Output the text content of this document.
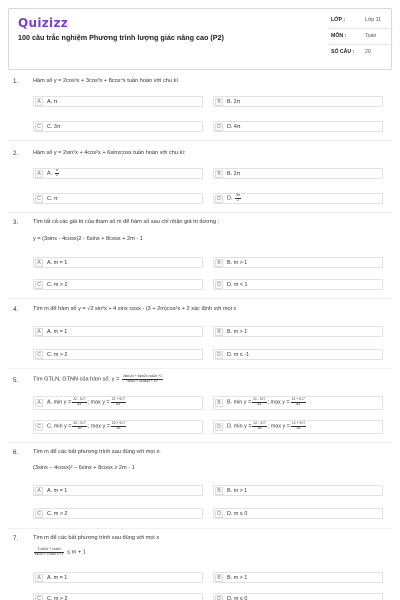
Quizizz
100 câu trắc nghiệm Phương trình lượng giác nâng cao (P2)
LỚP :	Lớp 11
MÔN :	Toán
SỐ CÂU : 20
1.	Hàm số y = 2cos²x + 3cos³x + 8cos⁴x tuần hoàn với chu kì
A	A. π	B	B. 2π
C	C. 3π	D	D. 4π
2.	Hàm số y = 2sin²x + 4cos²x + 6sinxcosx tuần hoàn với chu kì:
A	A. $\frac{\pi}{2}$	B	B. 2π
C	C. π	D	D. $\frac{3\pi}{2}$
3.	Tìm tất cả các giá trị của tham số m để hàm số sau chỉ nhận giá trị dương :
y = (3sinx - 4cosx)2 - 6sinx + 8cosx + 2m - 1
A	A. m = 1	B	B. m > 1
C	C. m > 2	D	D. m < 1
4.	Tìm m để hàm số y = √2 sin²x + 4 sinx cosx - (3 + 2m)cos²x + 2 xác định với mọi x
A	A. m = 1	B	B. m > 1
C	C. m > 2	D	D. m ≤ -1
5.	Tìm GTLN, GTNN của hàm số: $y = \frac{\text{2sin²2x + 4sin2x cos2x +1}}{\sin 4x + 4\cos 4x + 10}$
A	A. $\min y = \frac{22 - 9√7}{83}$ ; $\max y = \frac{22 + 9√7}{83}$	B	B. $\min y = \frac{21 - 9√7}{83}$ ; $\max y = \frac{21 + 9√7}{83}$
C	C. $\min y = \frac{20 - 9√7}{83}$ ; $\max y = \frac{20 + 9√7}{83}$	D	D. $\min y = \frac{12 - 9√7}{83}$ ; $\max y = \frac{12 + 9√7}{83}$
6.	Tìm m để các bất phương trình sau đúng với mọi x:
(3sinx – 4cosx)² – 6sinx + 8cosx ≥ 2m - 1
A	A. m = 1	B	B. m > 1
C	C. m > 2	D	D. m ≤ 0
7.	Tìm m để các bất phương trình sau đúng với mọi x
$\frac{3 \sin 2x + \cos 2x}{\text{sin2x + 4 cos² x +1}} \le m + 1$
A	A. m = 1	B	B. m > 1
C	C. m > 2	D	D. m ≤ 0
